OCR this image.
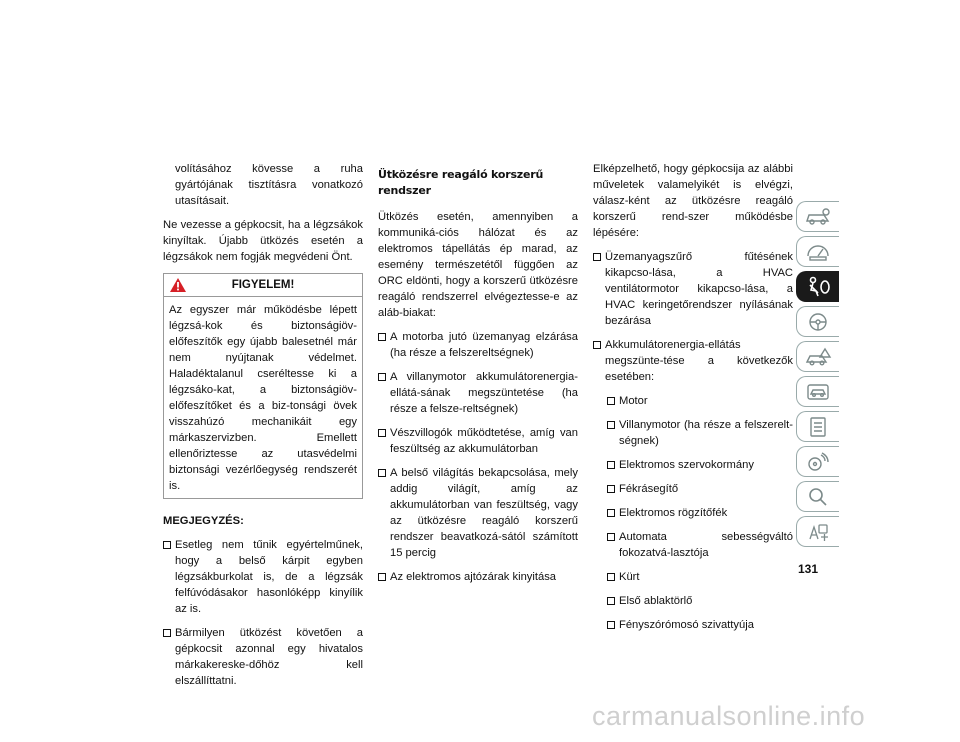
volításához kövesse a ruha gyártójának tisztításra vonatkozó utasításait.

Ne vezesse a gépkocsit, ha a légzsákok kinyíltak. Újabb ütközés esetén a légzsákok nem fogják megvédeni Önt.

FIGYELEM!
Az egyszer már működésbe lépett légzsá-kok és biztonságiöv-előfeszítők egy újabb balesetnél már nem nyújtanak védelmet. Haladéktalanul cseréltesse ki a légzsáko-kat, a biztonságiöv-előfeszítőket és a biz-tonsági övek visszahúzó mechanikáit egy márkaszervizben. Emellett ellenőriztesse az utasvédelmi biztonsági vezérlőegység rendszerét is.
MEGJEGYZÉS:
Esetleg nem tűnik egyértelműnek, hogy a belső kárpit egyben légzsákburkolat is, de a légzsák felfúvódásakor hasonlóképp kinyílik az is.
Bármilyen ütközést követően a gépkocsit azonnal egy hivatalos márkakereske-dőhöz kell elszállíttatni.
Ütközésre reagáló korszerű rendszer

Ütközés esetén, amennyiben a kommuniká-ciós hálózat és az elektromos tápellátás ép marad, az esemény természetétől függően az ORC eldönti, hogy a korszerű ütközésre reagáló rendszerrel elvégeztesse-e az aláb-biakat:

A motorba jutó üzemanyag elzárása (ha része a felszereltségnek)
A villanymotor akkumulátorenergia-ellátá-sának megszüntetése (ha része a felsze-reltségnek)
Vészvillogók működtetése, amíg van feszültség az akkumulátorban
A belső világítás bekapcsolása, mely addig világít, amíg az akkumulátorban van feszültség, vagy az ütközésre reagáló korszerű rendszer beavatkozá-sától számított 15 percig
Az elektromos ajtózárak kinyitása

Elképzelhető, hogy gépkocsija az alábbi műveletek valamelyikét is elvégzi, válasz-ként az ütközésre reagáló korszerű rend-szer működésbe lépésére:

Üzemanyagszűrő fűtésének kikapcso-lása, a HVAC ventilátormotor kikapcso-lása, a HVAC keringetőrendszer nyílásának bezárása
Akkumulátorenergia-ellátás megszünte-tése a következők esetében:
Motor
Villanymotor (ha része a felszerelt-ségnek)
Elektromos szervokormány
Fékrásegítő
Elektromos rögzítőfék
Automata sebességváltó fokozatvá-lasztója
Kürt
Első ablaktörlő
Fényszórómosó szivattyúja
131
carmanualsonline.info
